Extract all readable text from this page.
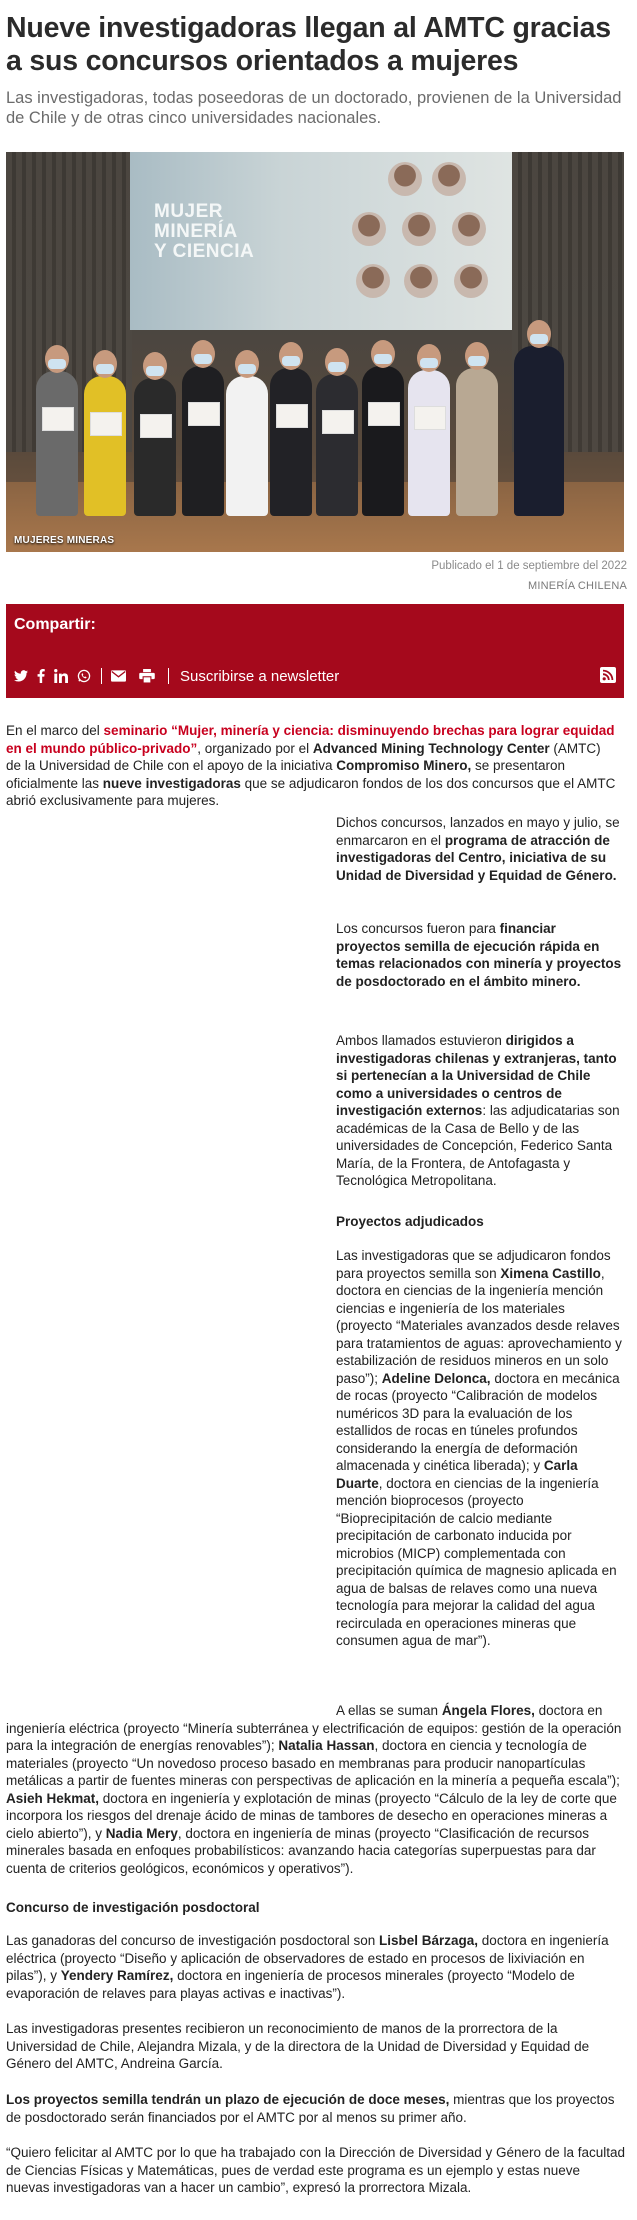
Nueve investigadoras llegan al AMTC gracias a sus concursos orientados a mujeres

Las investigadoras, todas poseedoras de un doctorado, provienen de la Universidad de Chile y de otras cinco universidades nacionales.

MUJER
MINERÍA
Y CIENCIA
MUJERES MINERAS
Publicado el 1 de septiembre del 2022
MINERÍA CHILENA
Compartir:
Suscribirse a newsletter

En el marco del seminario “Mujer, minería y ciencia: disminuyendo brechas para lograr equidad en el mundo público-privado”, organizado por el Advanced Mining Technology Center (AMTC) de la Universidad de Chile con el apoyo de la iniciativa Compromiso Minero, se presentaron oficialmente las nueve investigadoras que se adjudicaron fondos de los dos concursos que el AMTC abrió exclusivamente para mujeres.

Dichos concursos, lanzados en mayo y julio, se enmarcaron en el programa de atracción de investigadoras del Centro, iniciativa de su Unidad de Diversidad y Equidad de Género.

Los concursos fueron para financiar proyectos semilla de ejecución rápida en temas relacionados con minería y proyectos de posdoctorado en el ámbito minero.

Ambos llamados estuvieron dirigidos a investigadoras chilenas y extranjeras, tanto si pertenecían a la Universidad de Chile como a universidades o centros de investigación externos: las adjudicatarias son académicas de la Casa de Bello y de las universidades de Concepción, Federico Santa María, de la Frontera, de Antofagasta y Tecnológica Metropolitana.

Proyectos adjudicados

Las investigadoras que se adjudicaron fondos para proyectos semilla son Ximena Castillo, doctora en ciencias de la ingeniería mención ciencias e ingeniería de los materiales (proyecto “Materiales avanzados desde relaves para tratamientos de aguas: aprovechamiento y estabilización de residuos mineros en un solo paso”); Adeline Delonca, doctora en mecánica de rocas (proyecto “Calibración de modelos numéricos 3D para la evaluación de los estallidos de rocas en túneles profundos considerando la energía de deformación almacenada y cinética liberada); y Carla Duarte, doctora en ciencias de la ingeniería mención bioprocesos (proyecto “Bioprecipitación de calcio mediante precipitación de carbonato inducida por microbios (MICP) complementada con precipitación química de magnesio aplicada en agua de balsas de relaves como una nueva tecnología para mejorar la calidad del agua recirculada en operaciones mineras que consumen agua de mar”).

A ellas se suman Ángela Flores, doctora en ingeniería eléctrica (proyecto “Minería subterránea y electrificación de equipos: gestión de la operación para la integración de energías renovables”); Natalia Hassan, doctora en ciencia y tecnología de materiales (proyecto “Un novedoso proceso basado en membranas para producir nanopartículas metálicas a partir de fuentes mineras con perspectivas de aplicación en la minería a pequeña escala”); Asieh Hekmat, doctora en ingeniería y explotación de minas (proyecto “Cálculo de la ley de corte que incorpora los riesgos del drenaje ácido de minas de tambores de desecho en operaciones mineras a cielo abierto”), y Nadia Mery, doctora en ingeniería de minas (proyecto “Clasificación de recursos minerales basada en enfoques probabilísticos: avanzando hacia categorías superpuestas para dar cuenta de criterios geológicos, económicos y operativos”).

Concurso de investigación posdoctoral

Las ganadoras del concurso de investigación posdoctoral son Lisbel Bárzaga, doctora en ingeniería eléctrica (proyecto “Diseño y aplicación de observadores de estado en procesos de lixiviación en pilas”), y Yendery Ramírez, doctora en ingeniería de procesos minerales (proyecto “Modelo de evaporación de relaves para playas activas e inactivas”).

Las investigadoras presentes recibieron un reconocimiento de manos de la prorrectora de la Universidad de Chile, Alejandra Mizala, y de la directora de la Unidad de Diversidad y Equidad de Género del AMTC, Andreina García.

Los proyectos semilla tendrán un plazo de ejecución de doce meses, mientras que los proyectos de posdoctorado serán financiados por el AMTC por al menos su primer año.

“Quiero felicitar al AMTC por lo que ha trabajado con la Dirección de Diversidad y Género de la facultad de Ciencias Físicas y Matemáticas, pues de verdad este programa es un ejemplo y estas nueve nuevas investigadoras van a hacer un cambio”, expresó la prorrectora Mizala.
